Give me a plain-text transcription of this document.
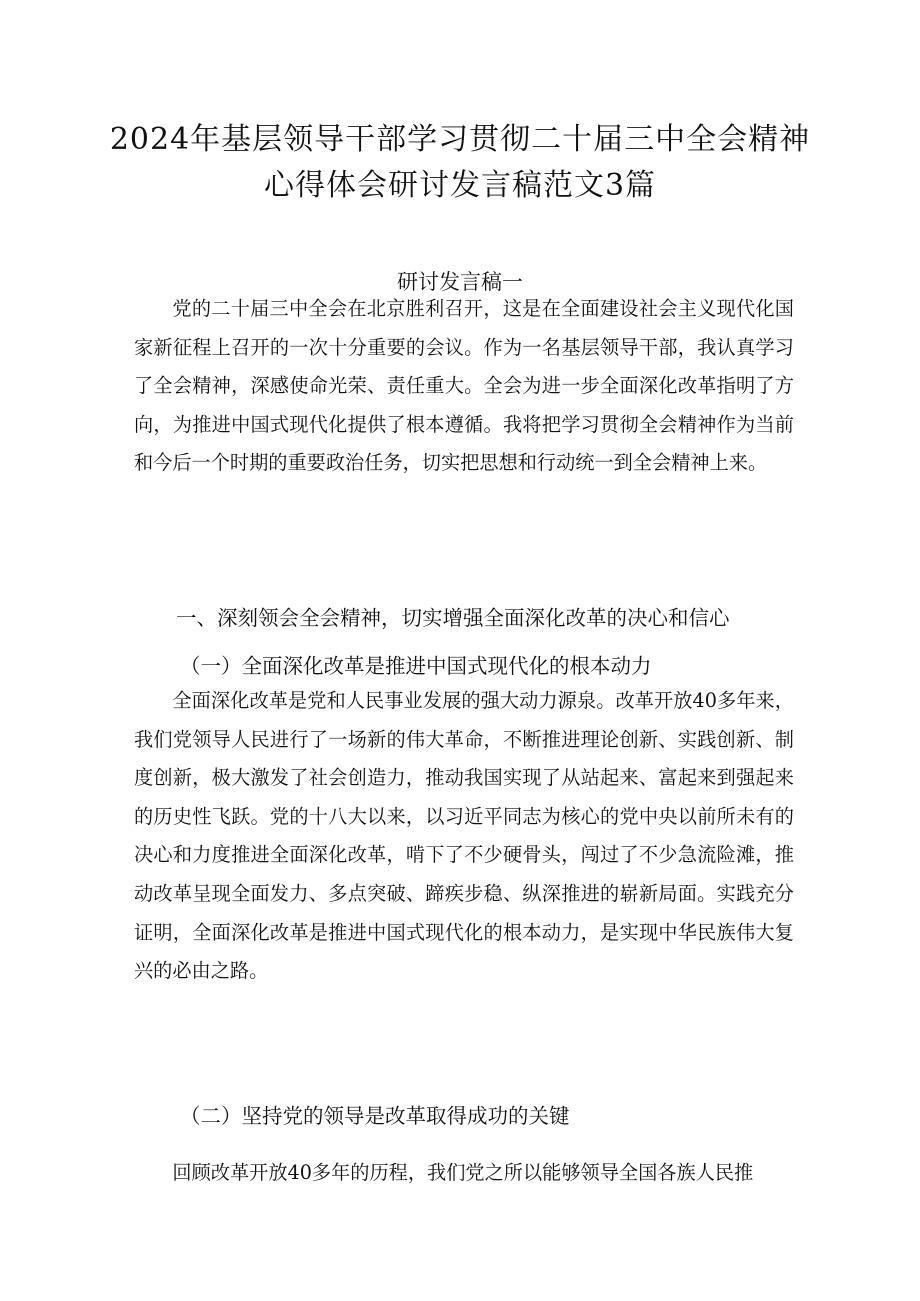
2024年基层领导干部学习贯彻二十届三中全会精神
心得体会研讨发言稿范文3篇
研讨发言稿一

党的二十届三中全会在北京胜利召开，这是在全面建设社会主义现代化国家新征程上召开的一次十分重要的会议。作为一名基层领导干部，我认真学习了全会精神，深感使命光荣、责任重大。全会为进一步全面深化改革指明了方向，为推进中国式现代化提供了根本遵循。我将把学习贯彻全会精神作为当前和今后一个时期的重要政治任务，切实把思想和行动统一到全会精神上来。

一、深刻领会全会精神，切实增强全面深化改革的决心和信心
（一）全面深化改革是推进中国式现代化的根本动力

全面深化改革是党和人民事业发展的强大动力源泉。改革开放40多年来，我们党领导人民进行了一场新的伟大革命，不断推进理论创新、实践创新、制度创新，极大激发了社会创造力，推动我国实现了从站起来、富起来到强起来的历史性飞跃。党的十八大以来，以习近平同志为核心的党中央以前所未有的决心和力度推进全面深化改革，啃下了不少硬骨头，闯过了不少急流险滩，推动改革呈现全面发力、多点突破、蹄疾步稳、纵深推进的崭新局面。实践充分证明，全面深化改革是推进中国式现代化的根本动力，是实现中华民族伟大复兴的必由之路。

（二）坚持党的领导是改革取得成功的关键

回顾改革开放40多年的历程，我们党之所以能够领导全国各族人民推
